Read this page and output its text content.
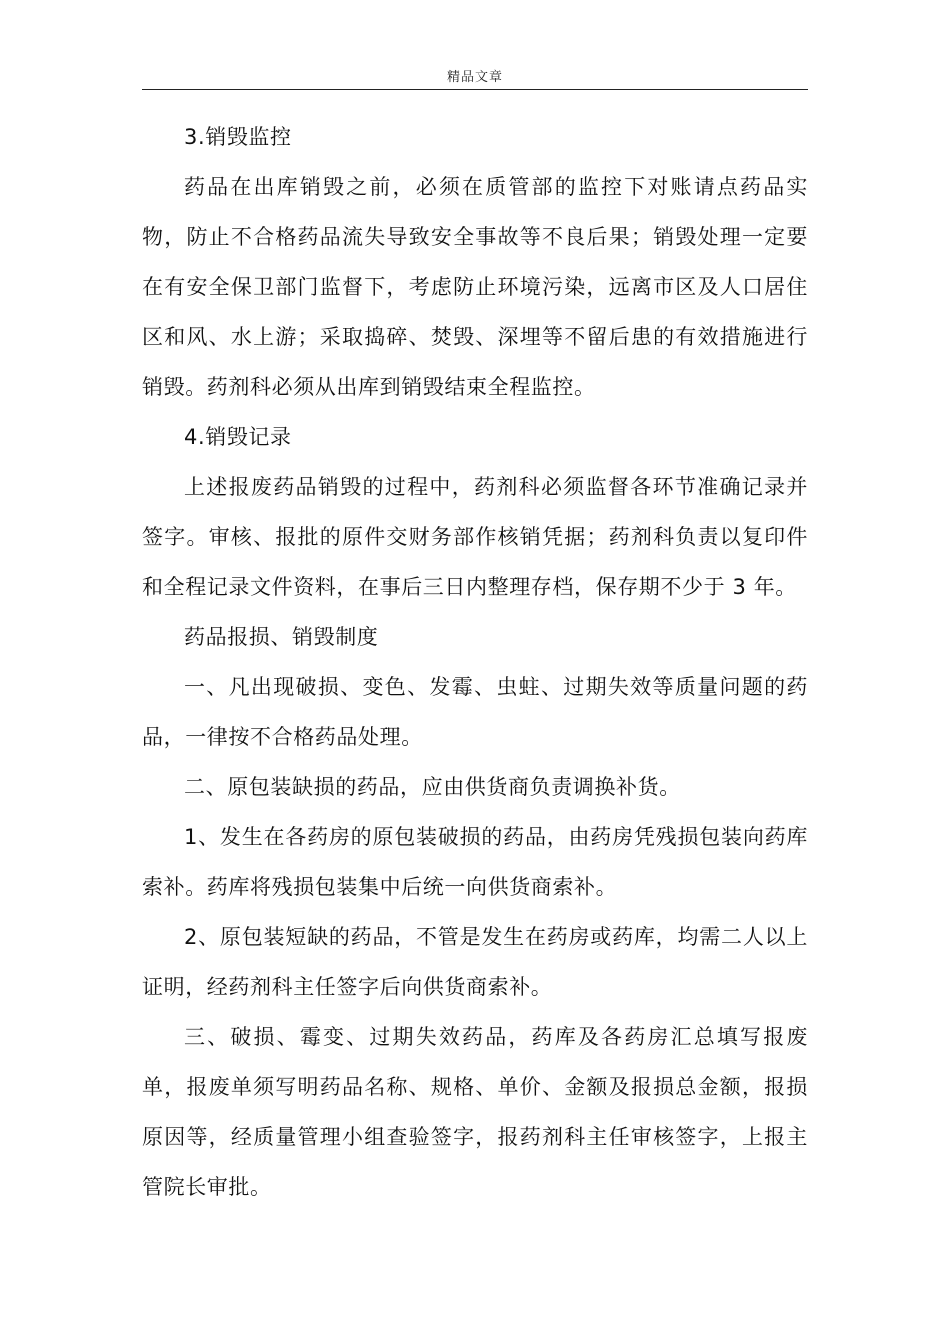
精品文章

3.销毁监控

药品在出库销毁之前，必须在质管部的监控下对账请点药品实物，防止不合格药品流失导致安全事故等不良后果；销毁处理一定要在有安全保卫部门监督下，考虑防止环境污染，远离市区及人口居住区和风、水上游；采取捣碎、焚毁、深埋等不留后患的有效措施进行销毁。药剂科必须从出库到销毁结束全程监控。

4.销毁记录

上述报废药品销毁的过程中，药剂科必须监督各环节准确记录并签字。审核、报批的原件交财务部作核销凭据；药剂科负责以复印件和全程记录文件资料，在事后三日内整理存档，保存期不少于 3 年。

药品报损、销毁制度

一、凡出现破损、变色、发霉、虫蛀、过期失效等质量问题的药品，一律按不合格药品处理。

二、原包装缺损的药品，应由供货商负责调换补货。

1、发生在各药房的原包装破损的药品，由药房凭残损包装向药库索补。药库将残损包装集中后统一向供货商索补。

2、原包装短缺的药品，不管是发生在药房或药库，均需二人以上证明，经药剂科主任签字后向供货商索补。

三、破损、霉变、过期失效药品，药库及各药房汇总填写报废单，报废单须写明药品名称、规格、单价、金额及报损总金额，报损原因等，经质量管理小组查验签字，报药剂科主任审核签字，上报主管院长审批。
